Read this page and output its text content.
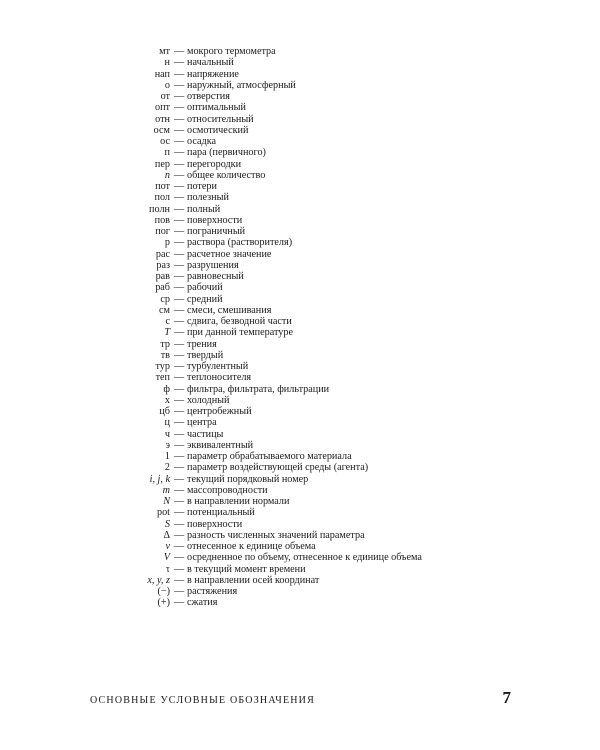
мт — мокрого термометра
н — начальный
нап — напряжение
о — наружный, атмосферный
от — отверстия
опт — оптимальный
отн — относительный
осм — осмотический
ос — осадка
п — пара (первичного)
пер — перегородки
п — общее количество
пот — потери
пол — полезный
полн — полный
пов — поверхности
пог — пограничный
р — раствора (растворителя)
рас — расчетное значение
раз — разрушения
рав — равновесный
раб — рабочий
ср — средний
см — смеси, смешивания
с — сдвига, безводной части
T — при данной температуре
тр — трения
тв — твердый
тур — турбулентный
теп — теплоносителя
ф — фильтра, фильтрата, фильтрации
х — холодный
цб — центробежный
ц — центра
ч — частицы
э — эквивалентный
1 — параметр обрабатываемого материала
2 — параметр воздействующей среды (агента)
i, j, k — текущий порядковый номер
m — массопроводности
N — в направлении нормали
pot — потенциальный
S — поверхности
Δ — разность численных значений параметра
v — отнесенное к единице объема
V — осредненное по объему, отнесенное к единице объема
τ — в текущий момент времени
x, y, z — в направлении осей координат
(−) — растяжения
(+) — сжатия
ОСНОВНЫЕ УСЛОВНЫЕ ОБОЗНАЧЕНИЯ	7
